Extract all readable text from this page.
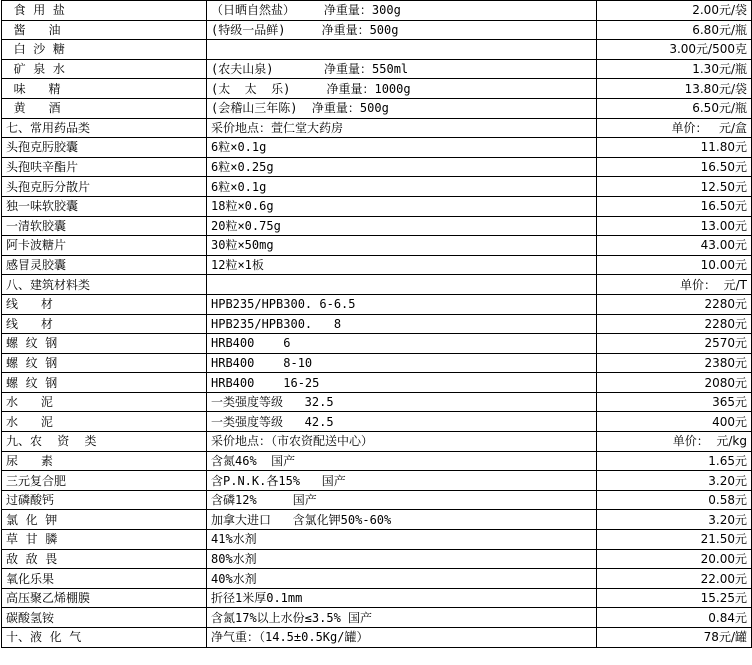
食  用  盐	（日晒自然盐）    净重量：300g	2.00元/袋
酱      油	(特级一品鲜)     净重量：500g	6.80元/瓶
白  沙  糖		3.00元/500克
矿  泉  水	(农夫山泉)       净重量：550ml	1.30元/瓶
味      精	(太  太  乐)     净重量：1000g	13.80元/袋
黄      酒	(会稽山三年陈)  净重量：500g	6.50元/瓶
七、常用药品类	采价地点：萱仁堂大药房	单价：   元/盒
头孢克肟胶囊	6粒×0.1g	11.80元
头孢呋辛酯片	6粒×0.25g	16.50元
头孢克肟分散片	6粒×0.1g	12.50元
独一味软胶囊	18粒×0.6g	16.50元
一清软胶囊	20粒×0.75g	13.00元
阿卡波糖片	30粒×50mg	43.00元
感冒灵胶囊	12粒×1板	10.00元
八、建筑材料类		单价：  元/T
线      材	HPB235/HPB300. 6-6.5	2280元
线      材	HPB235/HPB300.   8	2280元
螺  纹  钢	HRB400    6	2570元
螺  纹  钢	HRB400    8-10	2380元
螺  纹  钢	HRB400    16-25	2080元
水      泥	一类强度等级   32.5	365元
水      泥	一类强度等级   42.5	400元
九、农    资    类	采价地点：（市农资配送中心）	单价：  元/kg
尿      素	含氮46%  国产	1.65元
三元复合肥	含P.N.K.各15%   国产	3.20元
过磷酸钙	含磷12%     国产	0.58元
氯  化  钾	加拿大进口   含氯化钾50%-60%	3.20元
草  甘  膦	41%水剂	21.50元
敌  敌  畏	80%水剂	20.00元
氧化乐果	40%水剂	22.00元
高压聚乙烯棚膜	折径1米厚0.1mm	15.25元
碳酸氢铵	含氮17%以上水份≤3.5% 国产	0.84元
十、液  化  气	净气重：（14.5±0.5Kg/罐）	78元/罐
